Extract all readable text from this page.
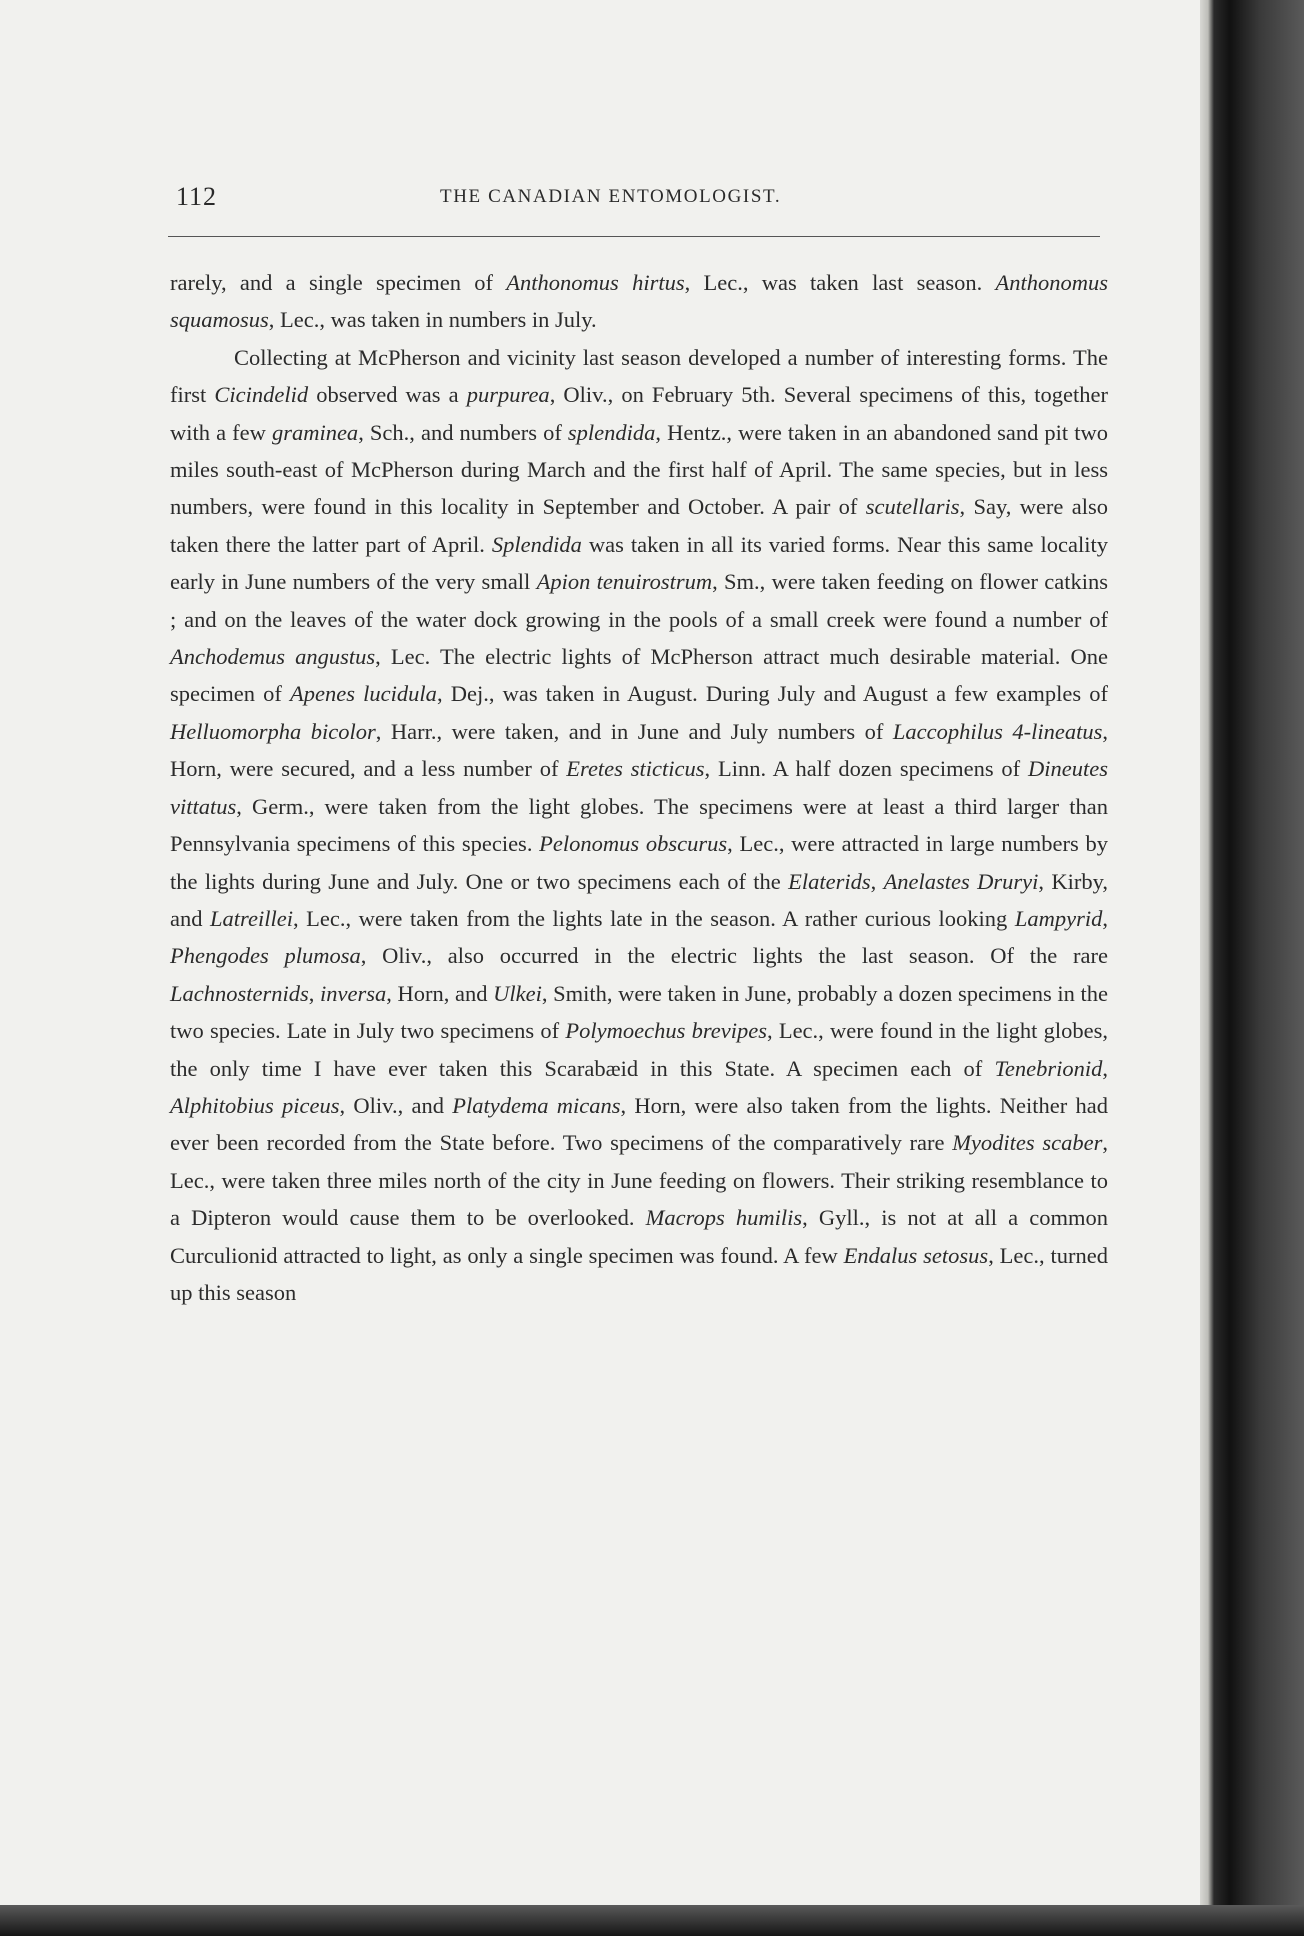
112	THE CANADIAN ENTOMOLOGIST.

rarely, and a single specimen of Anthonomus hirtus, Lec., was taken last season. Anthonomus squamosus, Lec., was taken in numbers in July.

Collecting at McPherson and vicinity last season developed a number of interesting forms. The first Cicindelid observed was a purpurea, Oliv., on February 5th. Several specimens of this, together with a few graminea, Sch., and numbers of splendida, Hentz., were taken in an abandoned sand pit two miles south-east of McPherson during March and the first half of April. The same species, but in less numbers, were found in this locality in September and October. A pair of scutellaris, Say, were also taken there the latter part of April. Splendida was taken in all its varied forms. Near this same locality early in June numbers of the very small Apion tenuirostrum, Sm., were taken feeding on flower catkins ; and on the leaves of the water dock growing in the pools of a small creek were found a number of Anchodemus angustus, Lec. The electric lights of McPherson attract much desirable material. One specimen of Apenes lucidula, Dej., was taken in August. During July and August a few examples of Helluomorpha bicolor, Harr., were taken, and in June and July numbers of Laccophilus 4-lineatus, Horn, were secured, and a less number of Eretes sticticus, Linn. A half dozen specimens of Dineutes vittatus, Germ., were taken from the light globes. The specimens were at least a third larger than Pennsylvania specimens of this species. Pelonomus obscurus, Lec., were attracted in large numbers by the lights during June and July. One or two specimens each of the Elaterids, Anelastes Druryi, Kirby, and Latreillei, Lec., were taken from the lights late in the season. A rather curious looking Lampyrid, Phengodes plumosa, Oliv., also occurred in the electric lights the last season. Of the rare Lachnosternids, inversa, Horn, and Ulkei, Smith, were taken in June, probably a dozen specimens in the two species. Late in July two specimens of Polymoechus brevipes, Lec., were found in the light globes, the only time I have ever taken this Scarabæid in this State. A specimen each of Tenebrionid, Alphitobius piceus, Oliv., and Platydema micans, Horn, were also taken from the lights. Neither had ever been recorded from the State before. Two specimens of the comparatively rare Myodites scaber, Lec., were taken three miles north of the city in June feeding on flowers. Their striking resemblance to a Dipteron would cause them to be overlooked. Macrops humilis, Gyll., is not at all a common Curculionid attracted to light, as only a single specimen was found. A few Endalus setosus, Lec., turned up this season
